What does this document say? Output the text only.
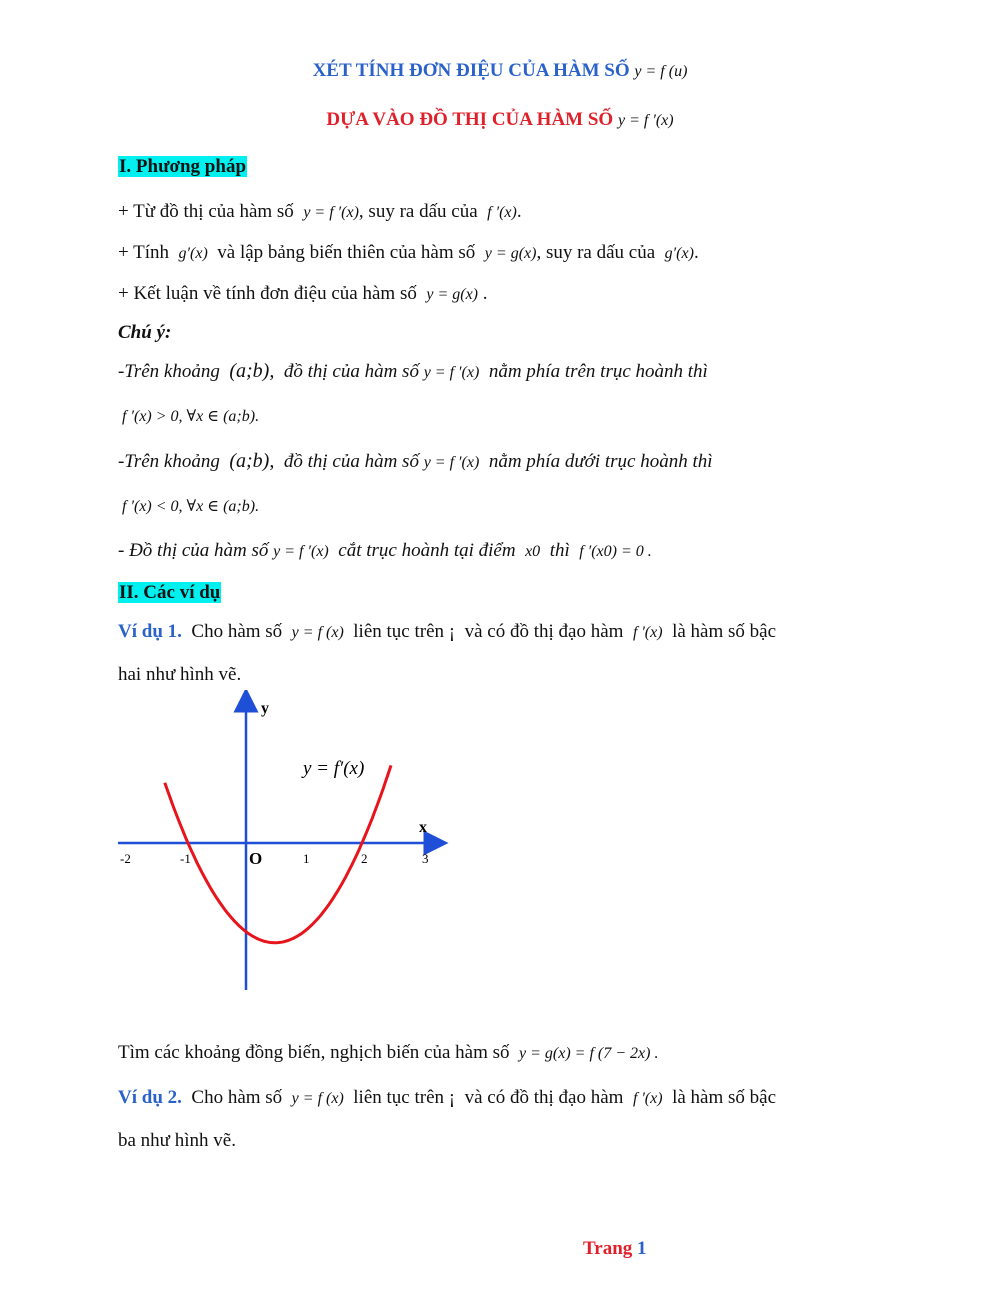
XÉT TÍNH ĐƠN ĐIỆU CỦA HÀM SỐ y = f (u)
DỰA VÀO ĐỒ THỊ CỦA HÀM SỐ y = f ′(x)
I. Phương pháp
+ Từ đồ thị của hàm số y = f ′(x), suy ra dấu của f ′(x).
+ Tính g′(x) và lập bảng biến thiên của hàm số y = g(x), suy ra dấu của g′(x).
+ Kết luận về tính đơn điệu của hàm số y = g(x) .
Chú ý:
-Trên khoảng (a;b), đồ thị của hàm số y = f ′(x) nằm phía trên trục hoành thì
f ′(x) > 0, ∀x ∈ (a;b).
-Trên khoảng (a;b), đồ thị của hàm số y = f ′(x) nằm phía dưới trục hoành thì
f ′(x) < 0, ∀x ∈ (a;b).
- Đồ thị của hàm số y = f ′(x) cắt trục hoành tại điểm x0 thì f ′(x0) = 0 .
II. Các ví dụ
Ví dụ 1. Cho hàm số y = f (x) liên tục trên ¡ và có đồ thị đạo hàm f '(x) là hàm số bậc
hai như hình vẽ.
y
x
O
y = f′(x)
-2	-1	1	2	3
Tìm các khoảng đồng biến, nghịch biến của hàm số y = g(x) = f (7 − 2x) .
Ví dụ 2. Cho hàm số y = f (x) liên tục trên ¡ và có đồ thị đạo hàm f '(x) là hàm số bậc
ba như hình vẽ.
Trang 1
